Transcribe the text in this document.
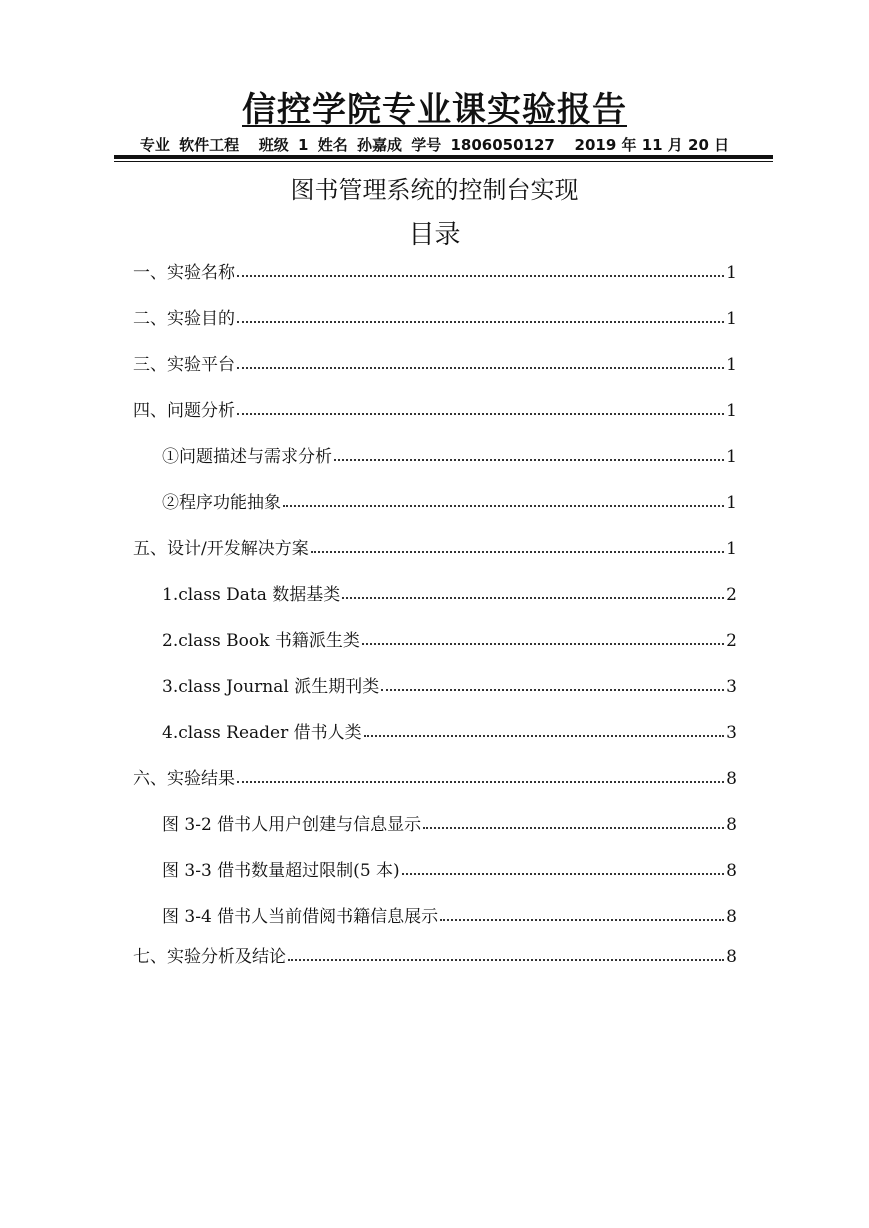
信控学院专业课实验报告
专业 软件工程 班级 1 姓名 孙嘉成 学号 1806050127 2019 年 11 月 20 日
图书管理系统的控制台实现
目录
一、实验名称	1
二、实验目的	1
三、实验平台	1
四、问题分析	1
①问题描述与需求分析	1
②程序功能抽象	1
五、设计/开发解决方案	1
1.class Data 数据基类	2
2.class Book 书籍派生类	2
3.class Journal 派生期刊类	3
4.class Reader 借书人类	3
六、实验结果	8
图 3-2 借书人用户创建与信息显示	8
图 3-3 借书数量超过限制(5 本)	8
图 3-4 借书人当前借阅书籍信息展示	8
七、实验分析及结论	8
